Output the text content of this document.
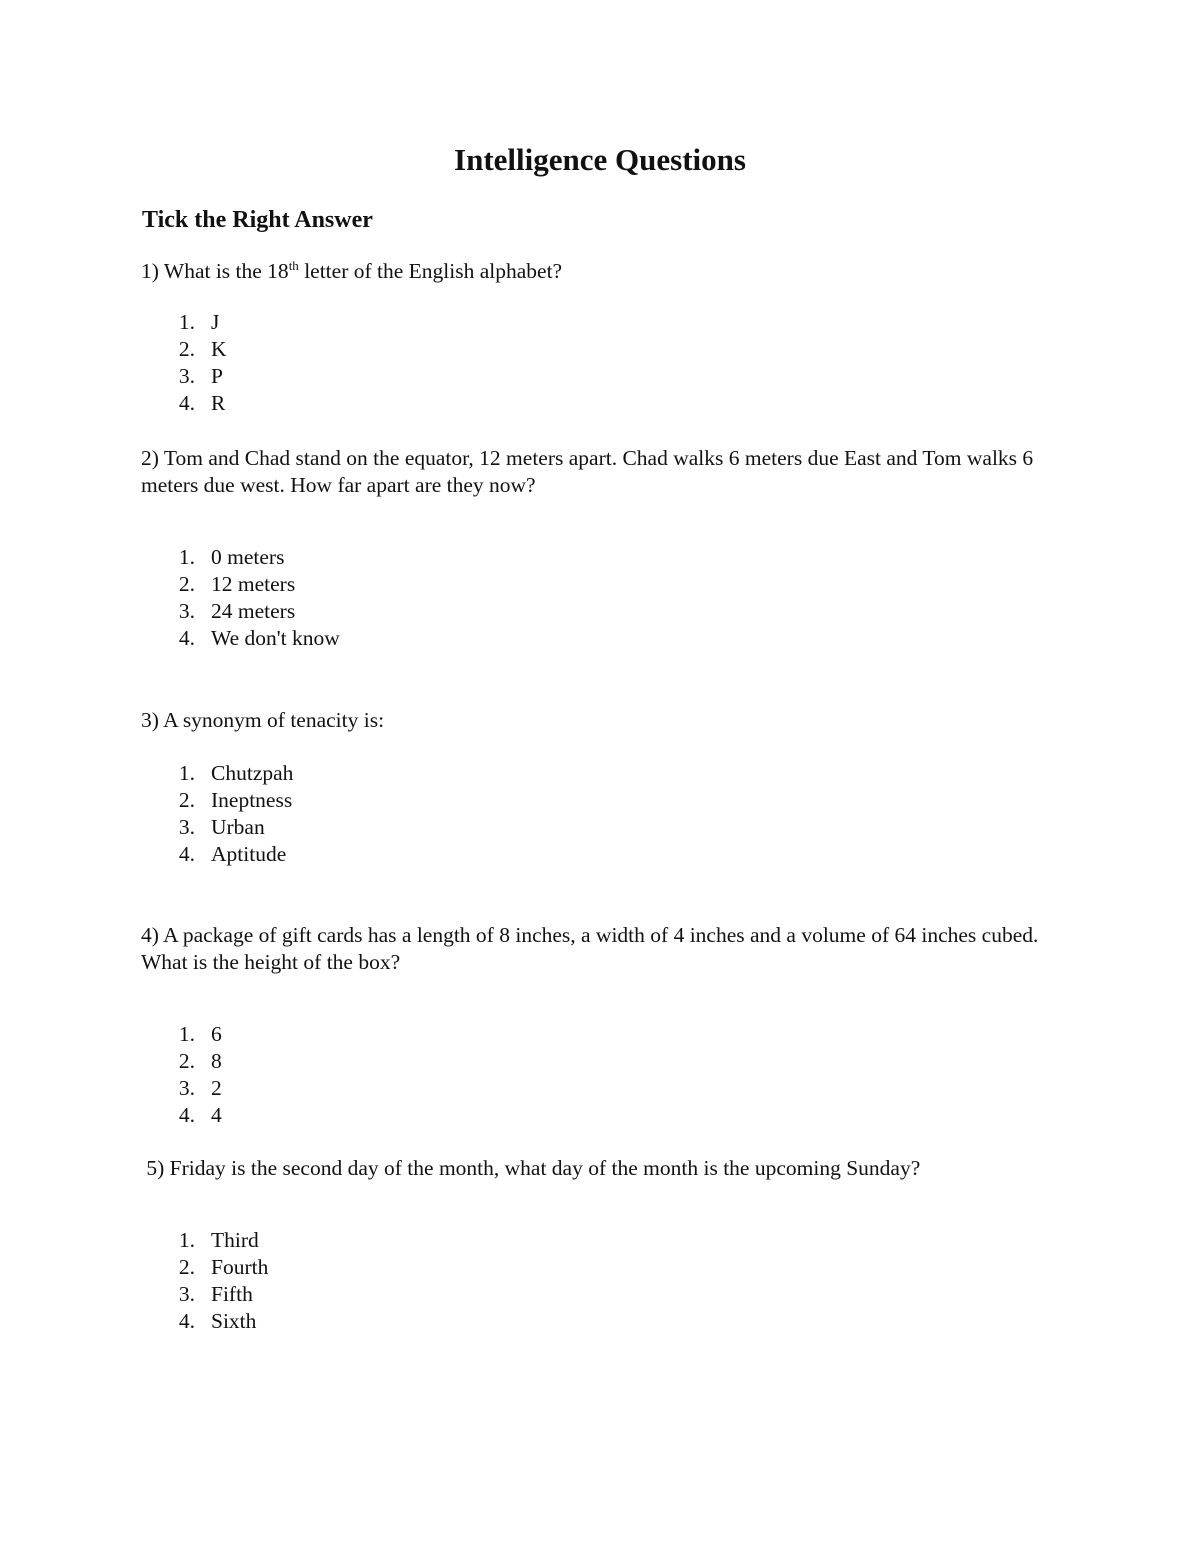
Intelligence Questions
Tick the Right Answer

1) What is the 18th letter of the English alphabet?

1. J
2. K
3. P
4. R

2) Tom and Chad stand on the equator, 12 meters apart. Chad walks 6 meters due East and Tom walks 6 meters due west. How far apart are they now?

1. 0 meters
2. 12 meters
3. 24 meters
4. We don't know

3) A synonym of tenacity is:

1. Chutzpah
2. Ineptness
3. Urban
4. Aptitude

4) A package of gift cards has a length of 8 inches, a width of 4 inches and a volume of 64 inches cubed. What is the height of the box?

1. 6
2. 8
3. 2
4. 4

5) Friday is the second day of the month, what day of the month is the upcoming Sunday?

1. Third
2. Fourth
3. Fifth
4. Sixth
